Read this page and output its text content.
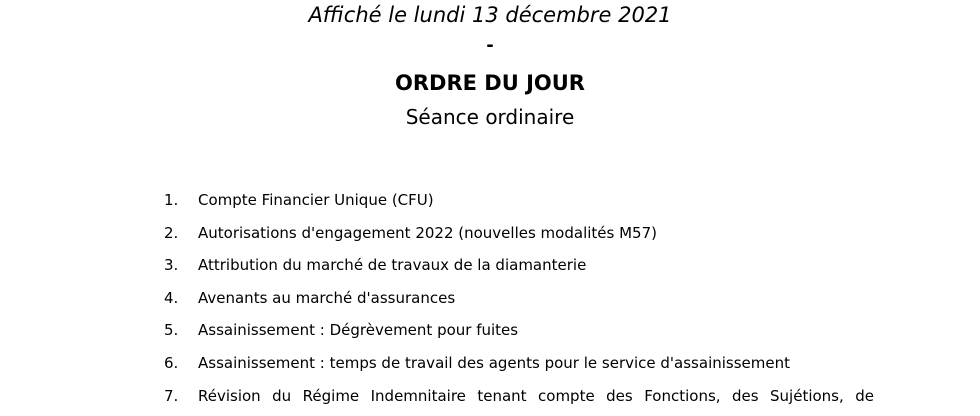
Affiché le lundi 13 décembre 2021
-
ORDRE DU JOUR
Séance ordinaire
1.	Compte Financier Unique (CFU)
2.	Autorisations d'engagement 2022 (nouvelles modalités M57)
3.	Attribution du marché de travaux de la diamanterie
4.	Avenants au marché d'assurances
5.	Assainissement : Dégrèvement pour fuites
6.	Assainissement : temps de travail des agents pour le service d'assainissement
7.	Révision du Régime Indemnitaire tenant compte des Fonctions, des Sujétions, de
